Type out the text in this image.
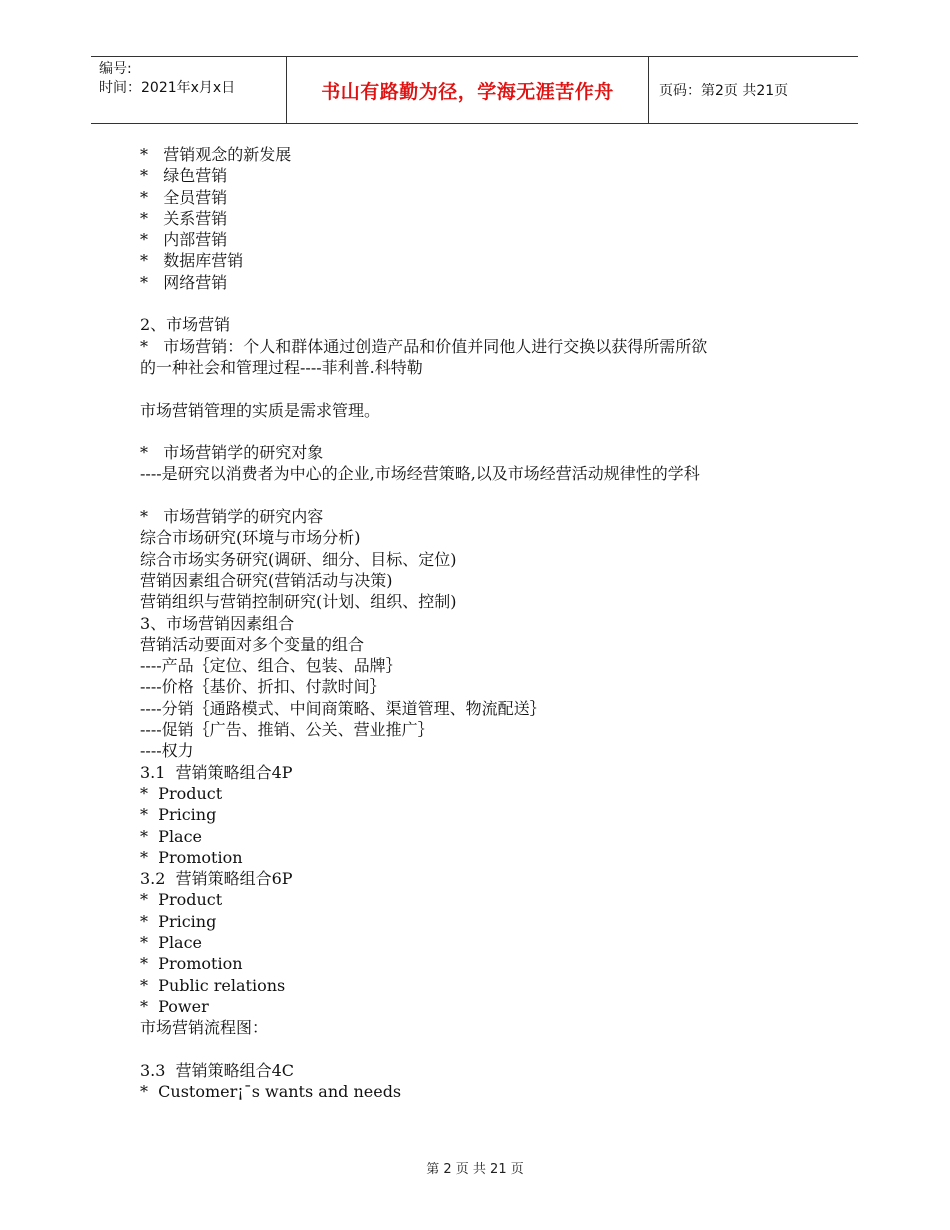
编号:
时间：2021年x月x日	书山有路勤为径，学海无涯苦作舟	页码：第2页 共21页
*   营销观念的新发展
*   绿色营销
*   全员营销
*   关系营销
*   内部营销
*   数据库营销
*   网络营销
2、市场营销
*   市场营销：个人和群体通过创造产品和价值并同他人进行交换以获得所需所欲
的一种社会和管理过程----菲利普.科特勒
市场营销管理的实质是需求管理。
*   市场营销学的研究对象
----是研究以消费者为中心的企业,市场经营策略,以及市场经营活动规律性的学科
*   市场营销学的研究内容
综合市场研究(环境与市场分析)
综合市场实务研究(调研、细分、目标、定位)
营销因素组合研究(营销活动与决策)
营销组织与营销控制研究(计划、组织、控制)
3、市场营销因素组合
营销活动要面对多个变量的组合
----产品｛定位、组合、包装、品牌｝
----价格｛基价、折扣、付款时间｝
----分销｛通路模式、中间商策略、渠道管理、物流配送｝
----促销｛广告、推销、公关、营业推广｝
----权力
3.1  营销策略组合4P
*  Product
*  Pricing
*  Place
*  Promotion
3.2  营销策略组合6P
*  Product
*  Pricing
*  Place
*  Promotion
*  Public relations
*  Power
市场营销流程图：
3.3  营销策略组合4C
*  Customer¡¯s wants and needs
第 2 页 共 21 页
